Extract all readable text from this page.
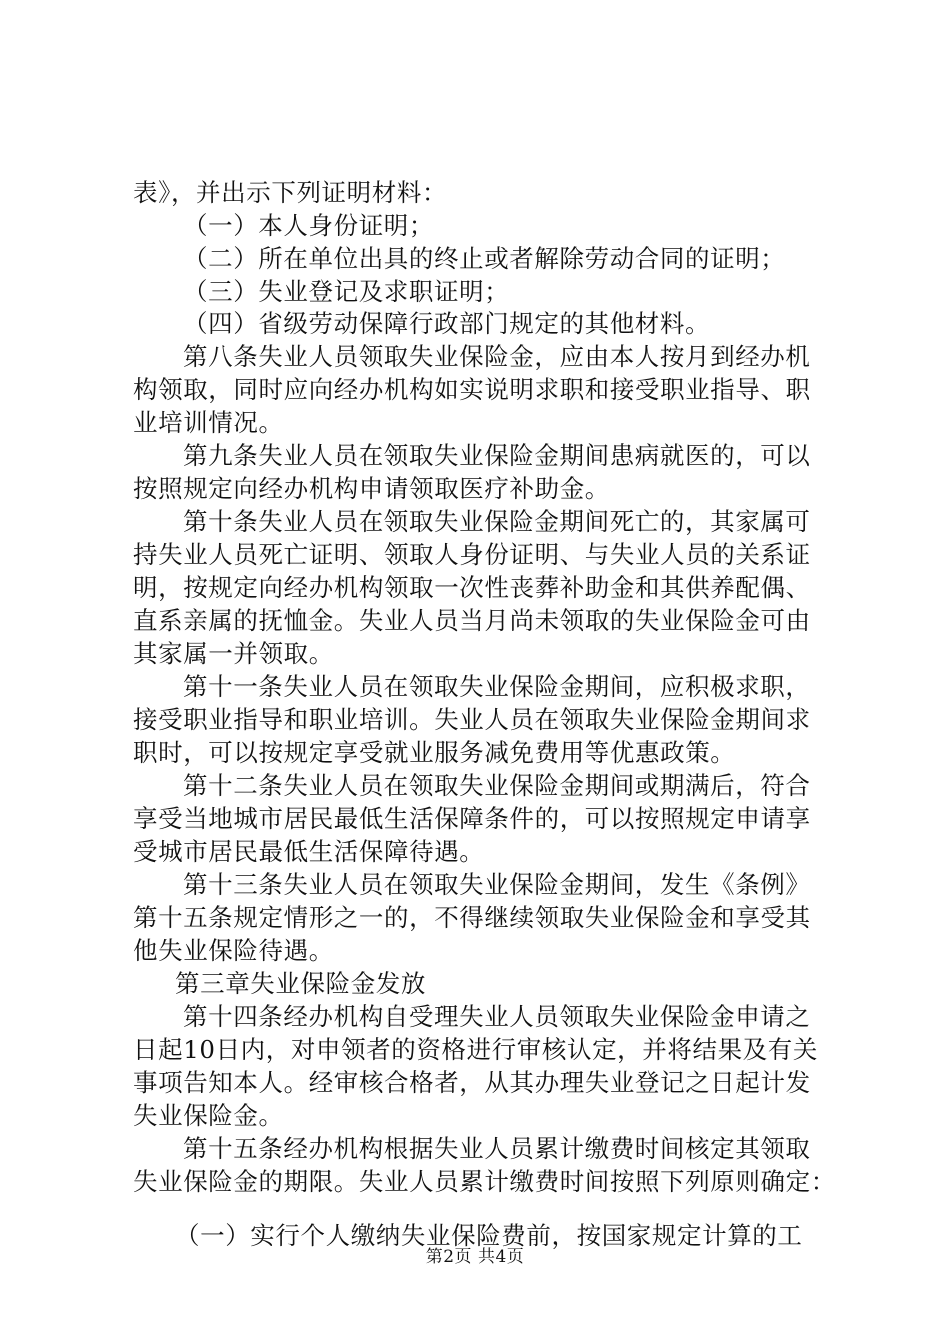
表》，并出示下列证明材料：
（一）本人身份证明；
（二）所在单位出具的终止或者解除劳动合同的证明；
（三）失业登记及求职证明；
（四）省级劳动保障行政部门规定的其他材料。
第八条失业人员领取失业保险金，应由本人按月到经办机
构领取，同时应向经办机构如实说明求职和接受职业指导、职
业培训情况。
第九条失业人员在领取失业保险金期间患病就医的，可以
按照规定向经办机构申请领取医疗补助金。
第十条失业人员在领取失业保险金期间死亡的，其家属可
持失业人员死亡证明、领取人身份证明、与失业人员的关系证
明，按规定向经办机构领取一次性丧葬补助金和其供养配偶、
直系亲属的抚恤金。失业人员当月尚未领取的失业保险金可由
其家属一并领取。
第十一条失业人员在领取失业保险金期间，应积极求职，
接受职业指导和职业培训。失业人员在领取失业保险金期间求
职时，可以按规定享受就业服务减免费用等优惠政策。
第十二条失业人员在领取失业保险金期间或期满后，符合
享受当地城市居民最低生活保障条件的，可以按照规定申请享
受城市居民最低生活保障待遇。
第十三条失业人员在领取失业保险金期间，发生《条例》
第十五条规定情形之一的，不得继续领取失业保险金和享受其
他失业保险待遇。
第三章失业保险金发放
第十四条经办机构自受理失业人员领取失业保险金申请之
日起10日内，对申领者的资格进行审核认定，并将结果及有关
事项告知本人。经审核合格者，从其办理失业登记之日起计发
失业保险金。
第十五条经办机构根据失业人员累计缴费时间核定其领取
失业保险金的期限。失业人员累计缴费时间按照下列原则确定：
（一）实行个人缴纳失业保险费前，按国家规定计算的工
第2页 共4页
